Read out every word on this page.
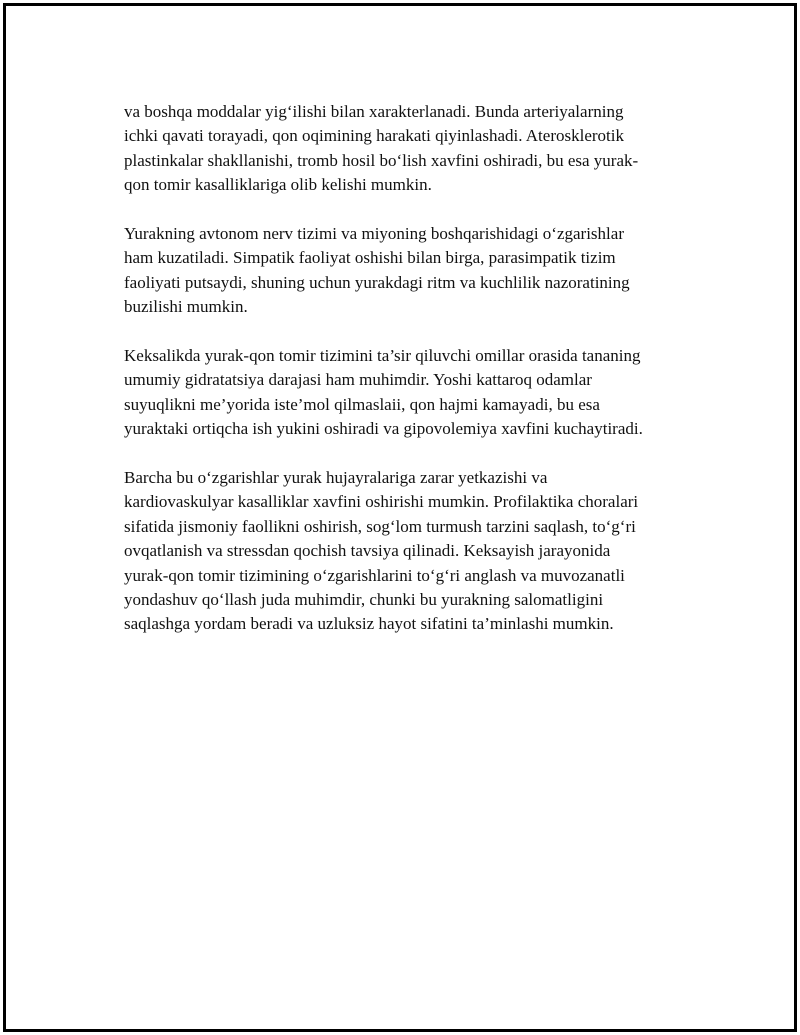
va boshqa moddalar yig‘ilishi bilan xarakterlanadi. Bunda arteriyalarning
ichki qavati torayadi, qon oqimining harakati qiyinlashadi. Aterosklerotik
plastinkalar shakllanishi, tromb hosil bo‘lish xavfini oshiradi, bu esa yurak-
qon tomir kasalliklariga olib kelishi mumkin.

Yurakning avtonom nerv tizimi va miyoning boshqarishidagi o‘zgarishlar
ham kuzatiladi. Simpatik faoliyat oshishi bilan birga, parasimpatik tizim
faoliyati putsaydi, shuning uchun yurakdagi ritm va kuchlilik nazoratining
buzilishi mumkin.

Keksalikda yurak-qon tomir tizimini ta’sir qiluvchi omillar orasida tananing
umumiy gidratatsiya darajasi ham muhimdir. Yoshi kattaroq odamlar
suyuqlikni me’yorida iste’mol qilmaslaii, qon hajmi kamayadi, bu esa
yuraktaki ortiqcha ish yukini oshiradi va gipovolemiya xavfini kuchaytiradi.

Barcha bu o‘zgarishlar yurak hujayralariga zarar yetkazishi va
kardiovaskulyar kasalliklar xavfini oshirishi mumkin. Profilaktika choralari
sifatida jismoniy faollikni oshirish, sog‘lom turmush tarzini saqlash, to‘g‘ri
ovqatlanish va stressdan qochish tavsiya qilinadi. Keksayish jarayonida
yurak-qon tomir tizimining o‘zgarishlarini to‘g‘ri anglash va muvozanatli
yondashuv qo‘llash juda muhimdir, chunki bu yurakning salomatligini
saqlashga yordam beradi va uzluksiz hayot sifatini ta’minlashi mumkin.
